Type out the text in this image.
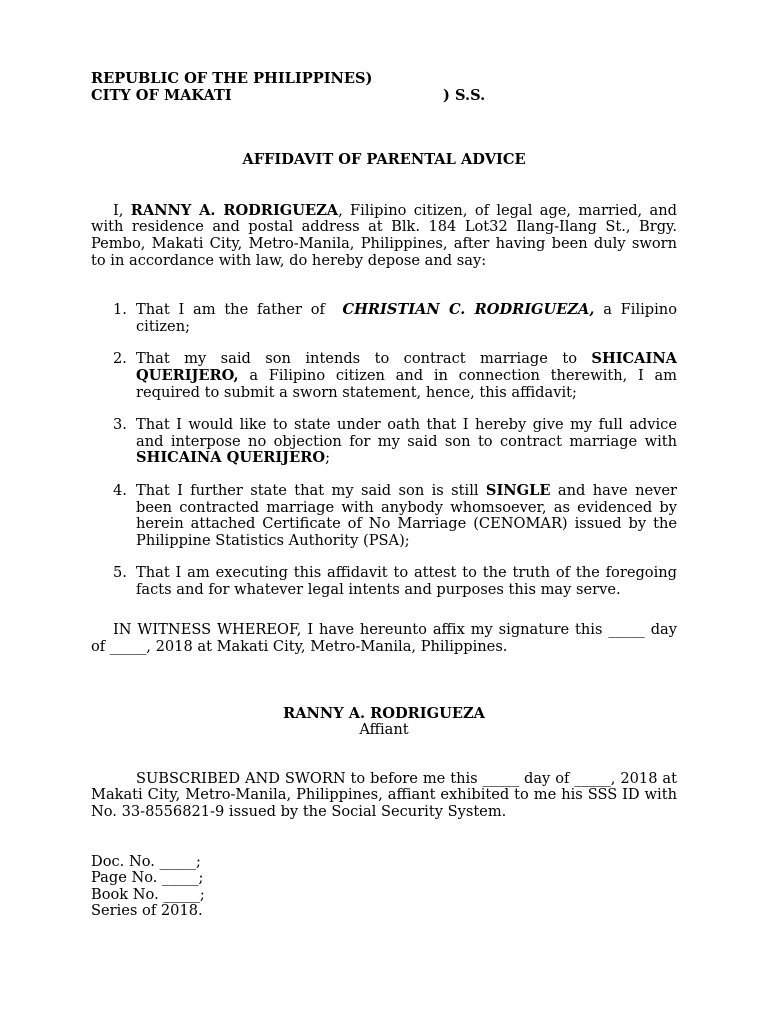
REPUBLIC OF THE PHILIPPINES)
CITY OF MAKATI	) S.S.
AFFIDAVIT OF PARENTAL ADVICE
I, RANNY A. RODRIGUEZA, Filipino citizen, of legal age, married, and with residence and postal address at Blk. 184 Lot32 Ilang-Ilang St., Brgy. Pembo, Makati City, Metro-Manila, Philippines, after having been duly sworn to in accordance with law, do hereby depose and say:
1. That I am the father of  CHRISTIAN C. RODRIGUEZA, a Filipino citizen;
2. That my said son intends to contract marriage to SHICAINA QUERIJERO, a Filipino citizen and in connection therewith, I am required to submit a sworn statement, hence, this affidavit;
3. That I would like to state under oath that I hereby give my full advice and interpose no objection for my said son to contract marriage with SHICAINA QUERIJERO;
4. That I further state that my said son is still SINGLE and have never been contracted marriage with anybody whomsoever, as evidenced by herein attached Certificate of No Marriage (CENOMAR) issued by the Philippine Statistics Authority (PSA);
5. That I am executing this affidavit to attest to the truth of the foregoing facts and for whatever legal intents and purposes this may serve.
IN WITNESS WHEREOF, I have hereunto affix my signature this _____ day of _____, 2018 at Makati City, Metro-Manila, Philippines.
RANNY A. RODRIGUEZA
Affiant
SUBSCRIBED AND SWORN to before me this _____ day of _____, 2018 at Makati City, Metro-Manila, Philippines, affiant exhibited to me his SSS ID with No. 33-8556821-9 issued by the Social Security System.
Doc. No. _____;
Page No. _____;
Book No. _____;
Series of 2018.
